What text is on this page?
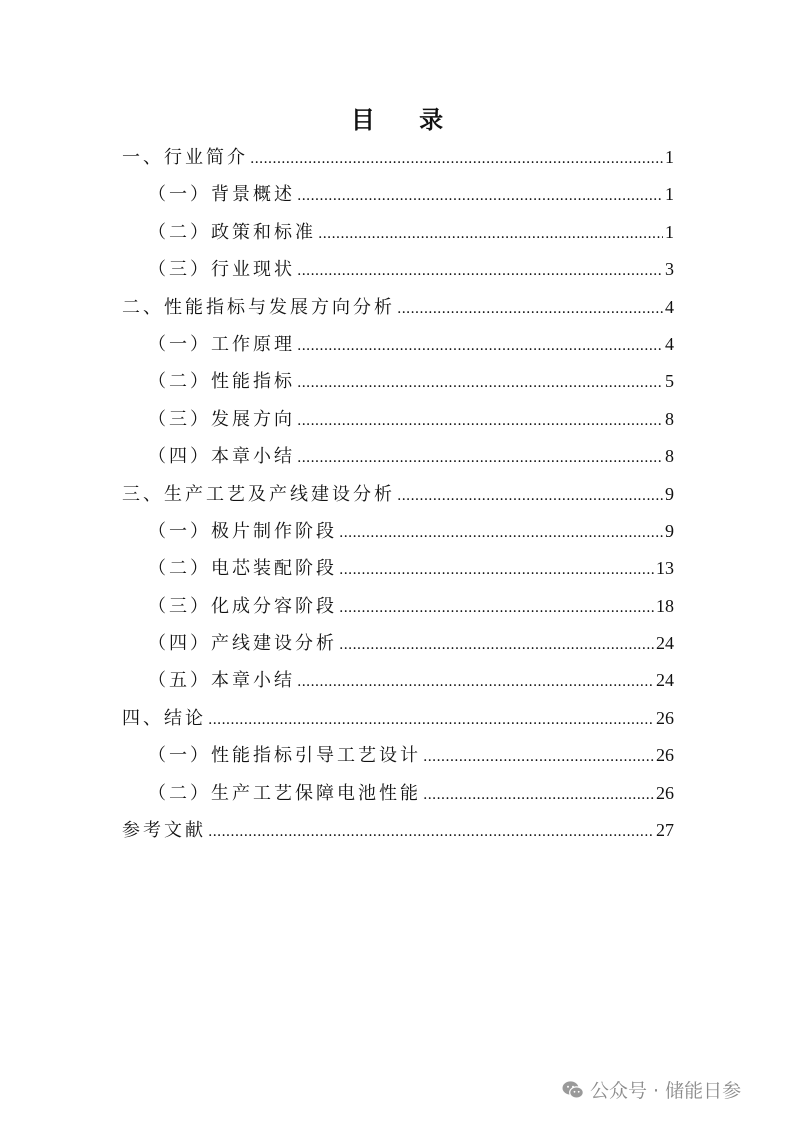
目 录
一、 行业简介 .....	1
（一） 背景概述 .....	1
（二） 政策和标准 .....	1
（三） 行业现状 .....	3
二、 性能指标与发展方向分析 .....	4
（一） 工作原理 .....	4
（二） 性能指标 .....	5
（三） 发展方向 .....	8
（四） 本章小结 .....	8
三、 生产工艺及产线建设分析 .....	9
（一） 极片制作阶段 .....	9
（二） 电芯装配阶段 .....	13
（三） 化成分容阶段 .....	18
（四） 产线建设分析 .....	24
（五） 本章小结 .....	24
四、 结论 .....	26
（一） 性能指标引导工艺设计 .....	26
（二） 生产工艺保障电池性能 .....	26
参考文献 .....	27
公众号 · 储能日参
